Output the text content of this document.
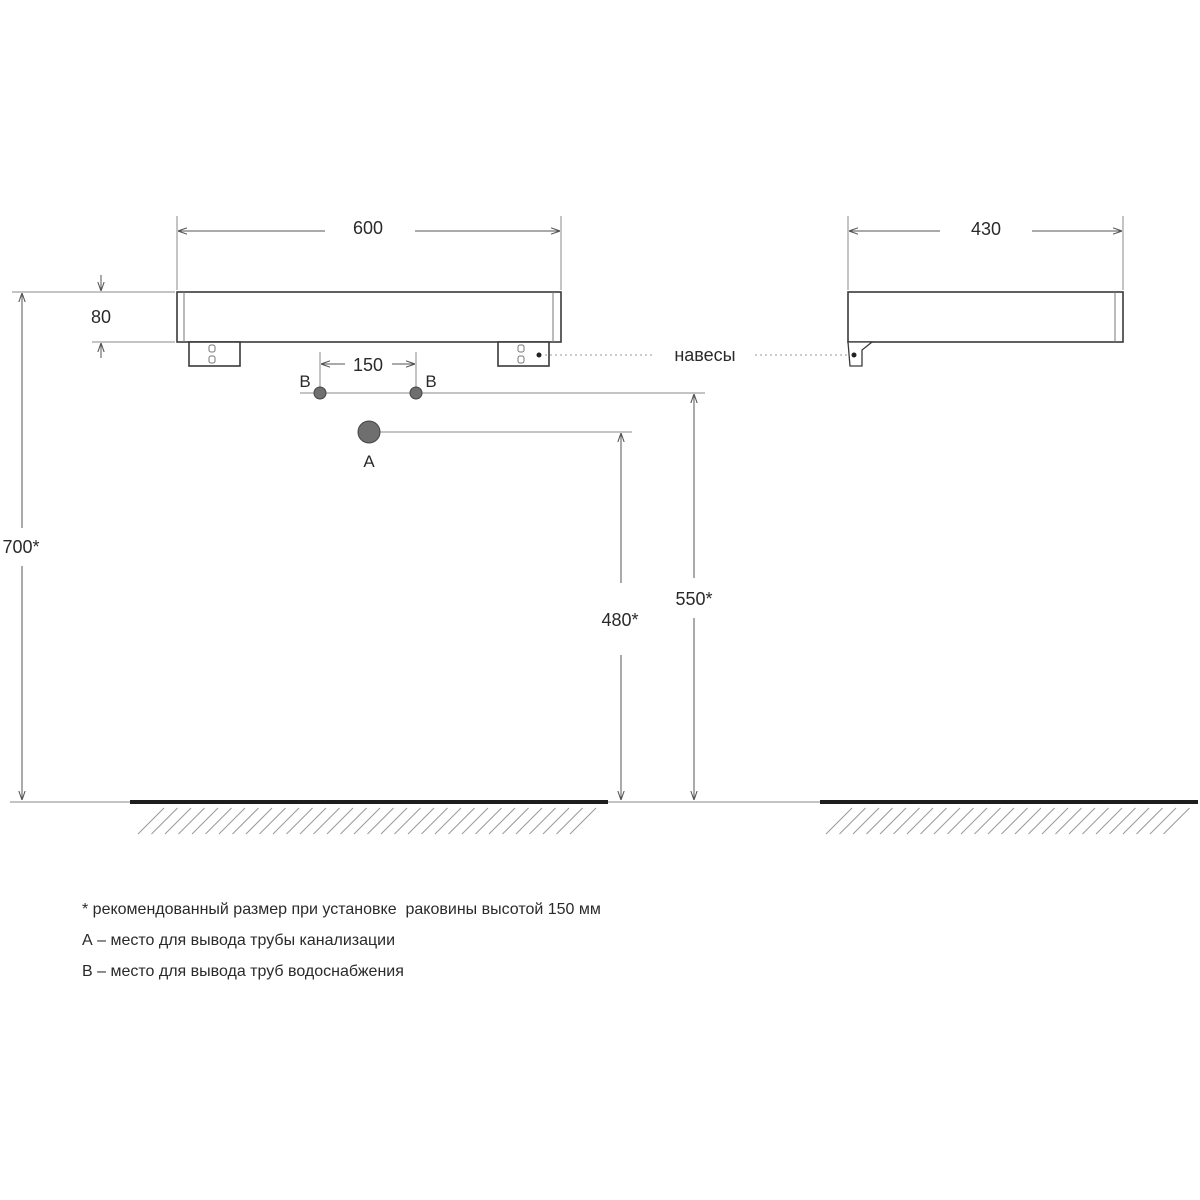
600
80
700*
150
B	B
A
480*
550*
навесы
430
* рекомендованный размер при установке  раковины высотой 150 мм
А – место для вывода трубы канализации
В – место для вывода труб водоснабжения
